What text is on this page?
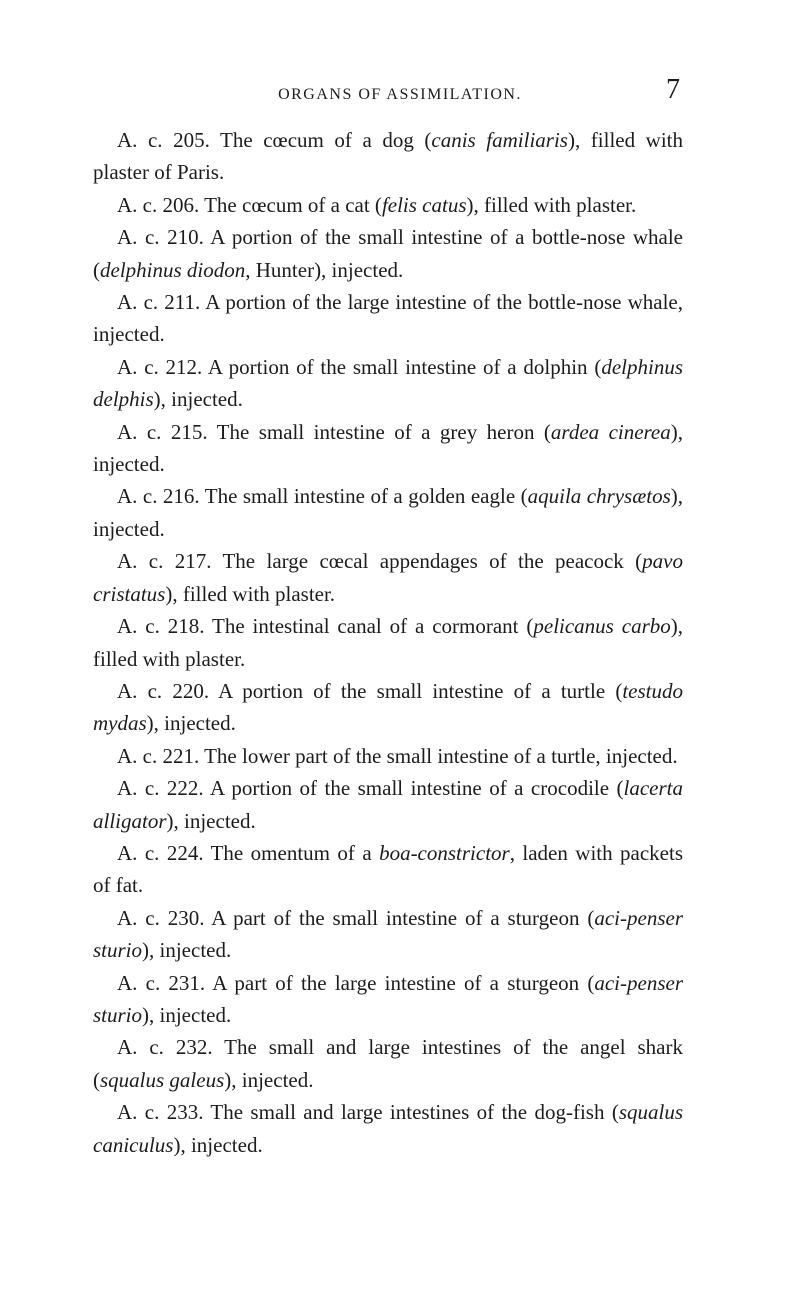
ORGANS OF ASSIMILATION.	7

A. c. 205. The cœcum of a dog (canis familiaris), filled with plaster of Paris.

A. c. 206. The cœcum of a cat (felis catus), filled with plaster.

A. c. 210. A portion of the small intestine of a bottle-nose whale (delphinus diodon, Hunter), injected.

A. c. 211. A portion of the large intestine of the bottle-nose whale, injected.

A. c. 212. A portion of the small intestine of a dolphin (delphinus delphis), injected.

A. c. 215. The small intestine of a grey heron (ardea cinerea), injected.

A. c. 216. The small intestine of a golden eagle (aquila chrysætos), injected.

A. c. 217. The large cœcal appendages of the peacock (pavo cristatus), filled with plaster.

A. c. 218. The intestinal canal of a cormorant (pelicanus carbo), filled with plaster.

A. c. 220. A portion of the small intestine of a turtle (testudo mydas), injected.

A. c. 221. The lower part of the small intestine of a turtle, injected.

A. c. 222. A portion of the small intestine of a crocodile (lacerta alligator), injected.

A. c. 224. The omentum of a boa-constrictor, laden with packets of fat.

A. c. 230. A part of the small intestine of a sturgeon (aci-penser sturio), injected.

A. c. 231. A part of the large intestine of a sturgeon (aci-penser sturio), injected.

A. c. 232. The small and large intestines of the angel shark (squalus galeus), injected.

A. c. 233. The small and large intestines of the dog-fish (squalus caniculus), injected.
